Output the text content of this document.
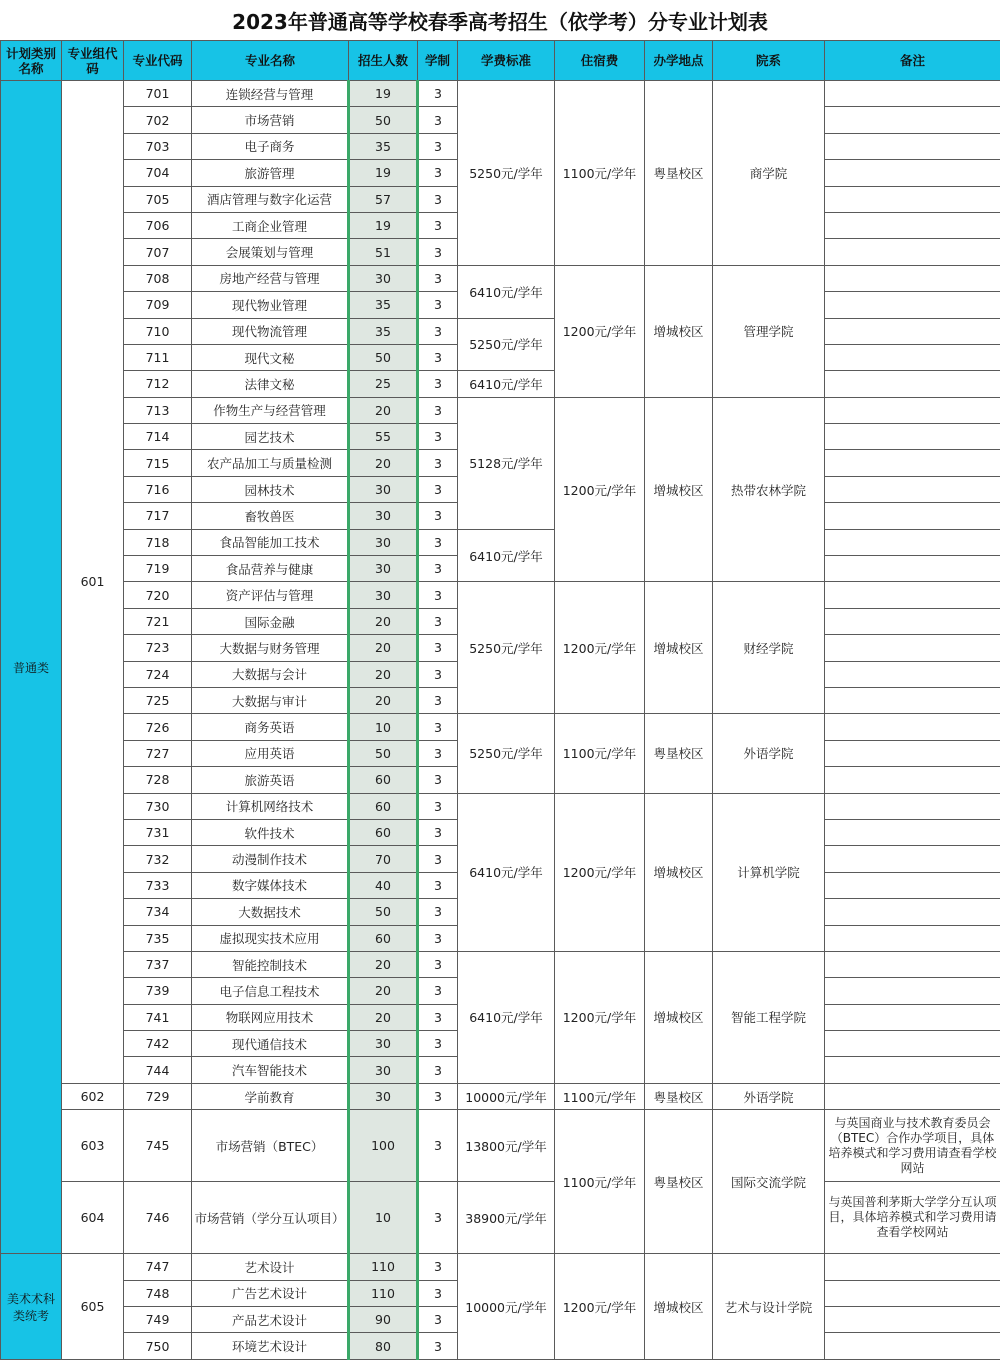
2023年普通高等学校春季高考招生（依学考）分专业计划表
计划类别名称	专业组代码	专业代码	专业名称	招生人数	学制	学费标准	住宿费	办学地点	院系	备注
普通类	601	701	连锁经营与管理	19	3	5250元/学年	1100元/学年	粤垦校区	商学院	
		702	市场营销	50	3					
		703	电子商务	35	3					
		704	旅游管理	19	3					
		705	酒店管理与数字化运营	57	3					
		706	工商企业管理	19	3					
		707	会展策划与管理	51	3					
		708	房地产经营与管理	30	3	6410元/学年	1200元/学年	增城校区	管理学院	
		709	现代物业管理	35	3					
		710	现代物流管理	35	3	5250元/学年				
		711	现代文秘	50	3					
		712	法律文秘	25	3	6410元/学年				
		713	作物生产与经营管理	20	3	5128元/学年	1200元/学年	增城校区	热带农林学院	
		714	园艺技术	55	3					
		715	农产品加工与质量检测	20	3					
		716	园林技术	30	3					
		717	畜牧兽医	30	3					
		718	食品智能加工技术	30	3	6410元/学年				
		719	食品营养与健康	30	3					
		720	资产评估与管理	30	3	5250元/学年	1200元/学年	增城校区	财经学院	
		721	国际金融	20	3					
		723	大数据与财务管理	20	3					
		724	大数据与会计	20	3					
		725	大数据与审计	20	3					
		726	商务英语	10	3	5250元/学年	1100元/学年	粤垦校区	外语学院	
		727	应用英语	50	3					
		728	旅游英语	60	3					
		730	计算机网络技术	60	3	6410元/学年	1200元/学年	增城校区	计算机学院	
		731	软件技术	60	3					
		732	动漫制作技术	70	3					
		733	数字媒体技术	40	3					
		734	大数据技术	50	3					
		735	虚拟现实技术应用	60	3					
		737	智能控制技术	20	3	6410元/学年	1200元/学年	增城校区	智能工程学院	
		739	电子信息工程技术	20	3					
		741	物联网应用技术	20	3					
		742	现代通信技术	30	3					
		744	汽车智能技术	30	3					
	602	729	学前教育	30	3	10000元/学年	1100元/学年	粤垦校区	外语学院	
	603	745	市场营销（BTEC）	100	3	13800元/学年	1100元/学年	粤垦校区	国际交流学院	与英国商业与技术教育委员会（BTEC）合作办学项目，具体培养模式和学习费用请查看学校网站
	604	746	市场营销（学分互认项目）	10	3	38900元/学年				与英国普利茅斯大学学分互认项目，具体培养模式和学习费用请查看学校网站
美术术科类统考	605	747	艺术设计	110	3	10000元/学年	1200元/学年	增城校区	艺术与设计学院	
		748	广告艺术设计	110	3					
		749	产品艺术设计	90	3					
		750	环境艺术设计	80	3					
